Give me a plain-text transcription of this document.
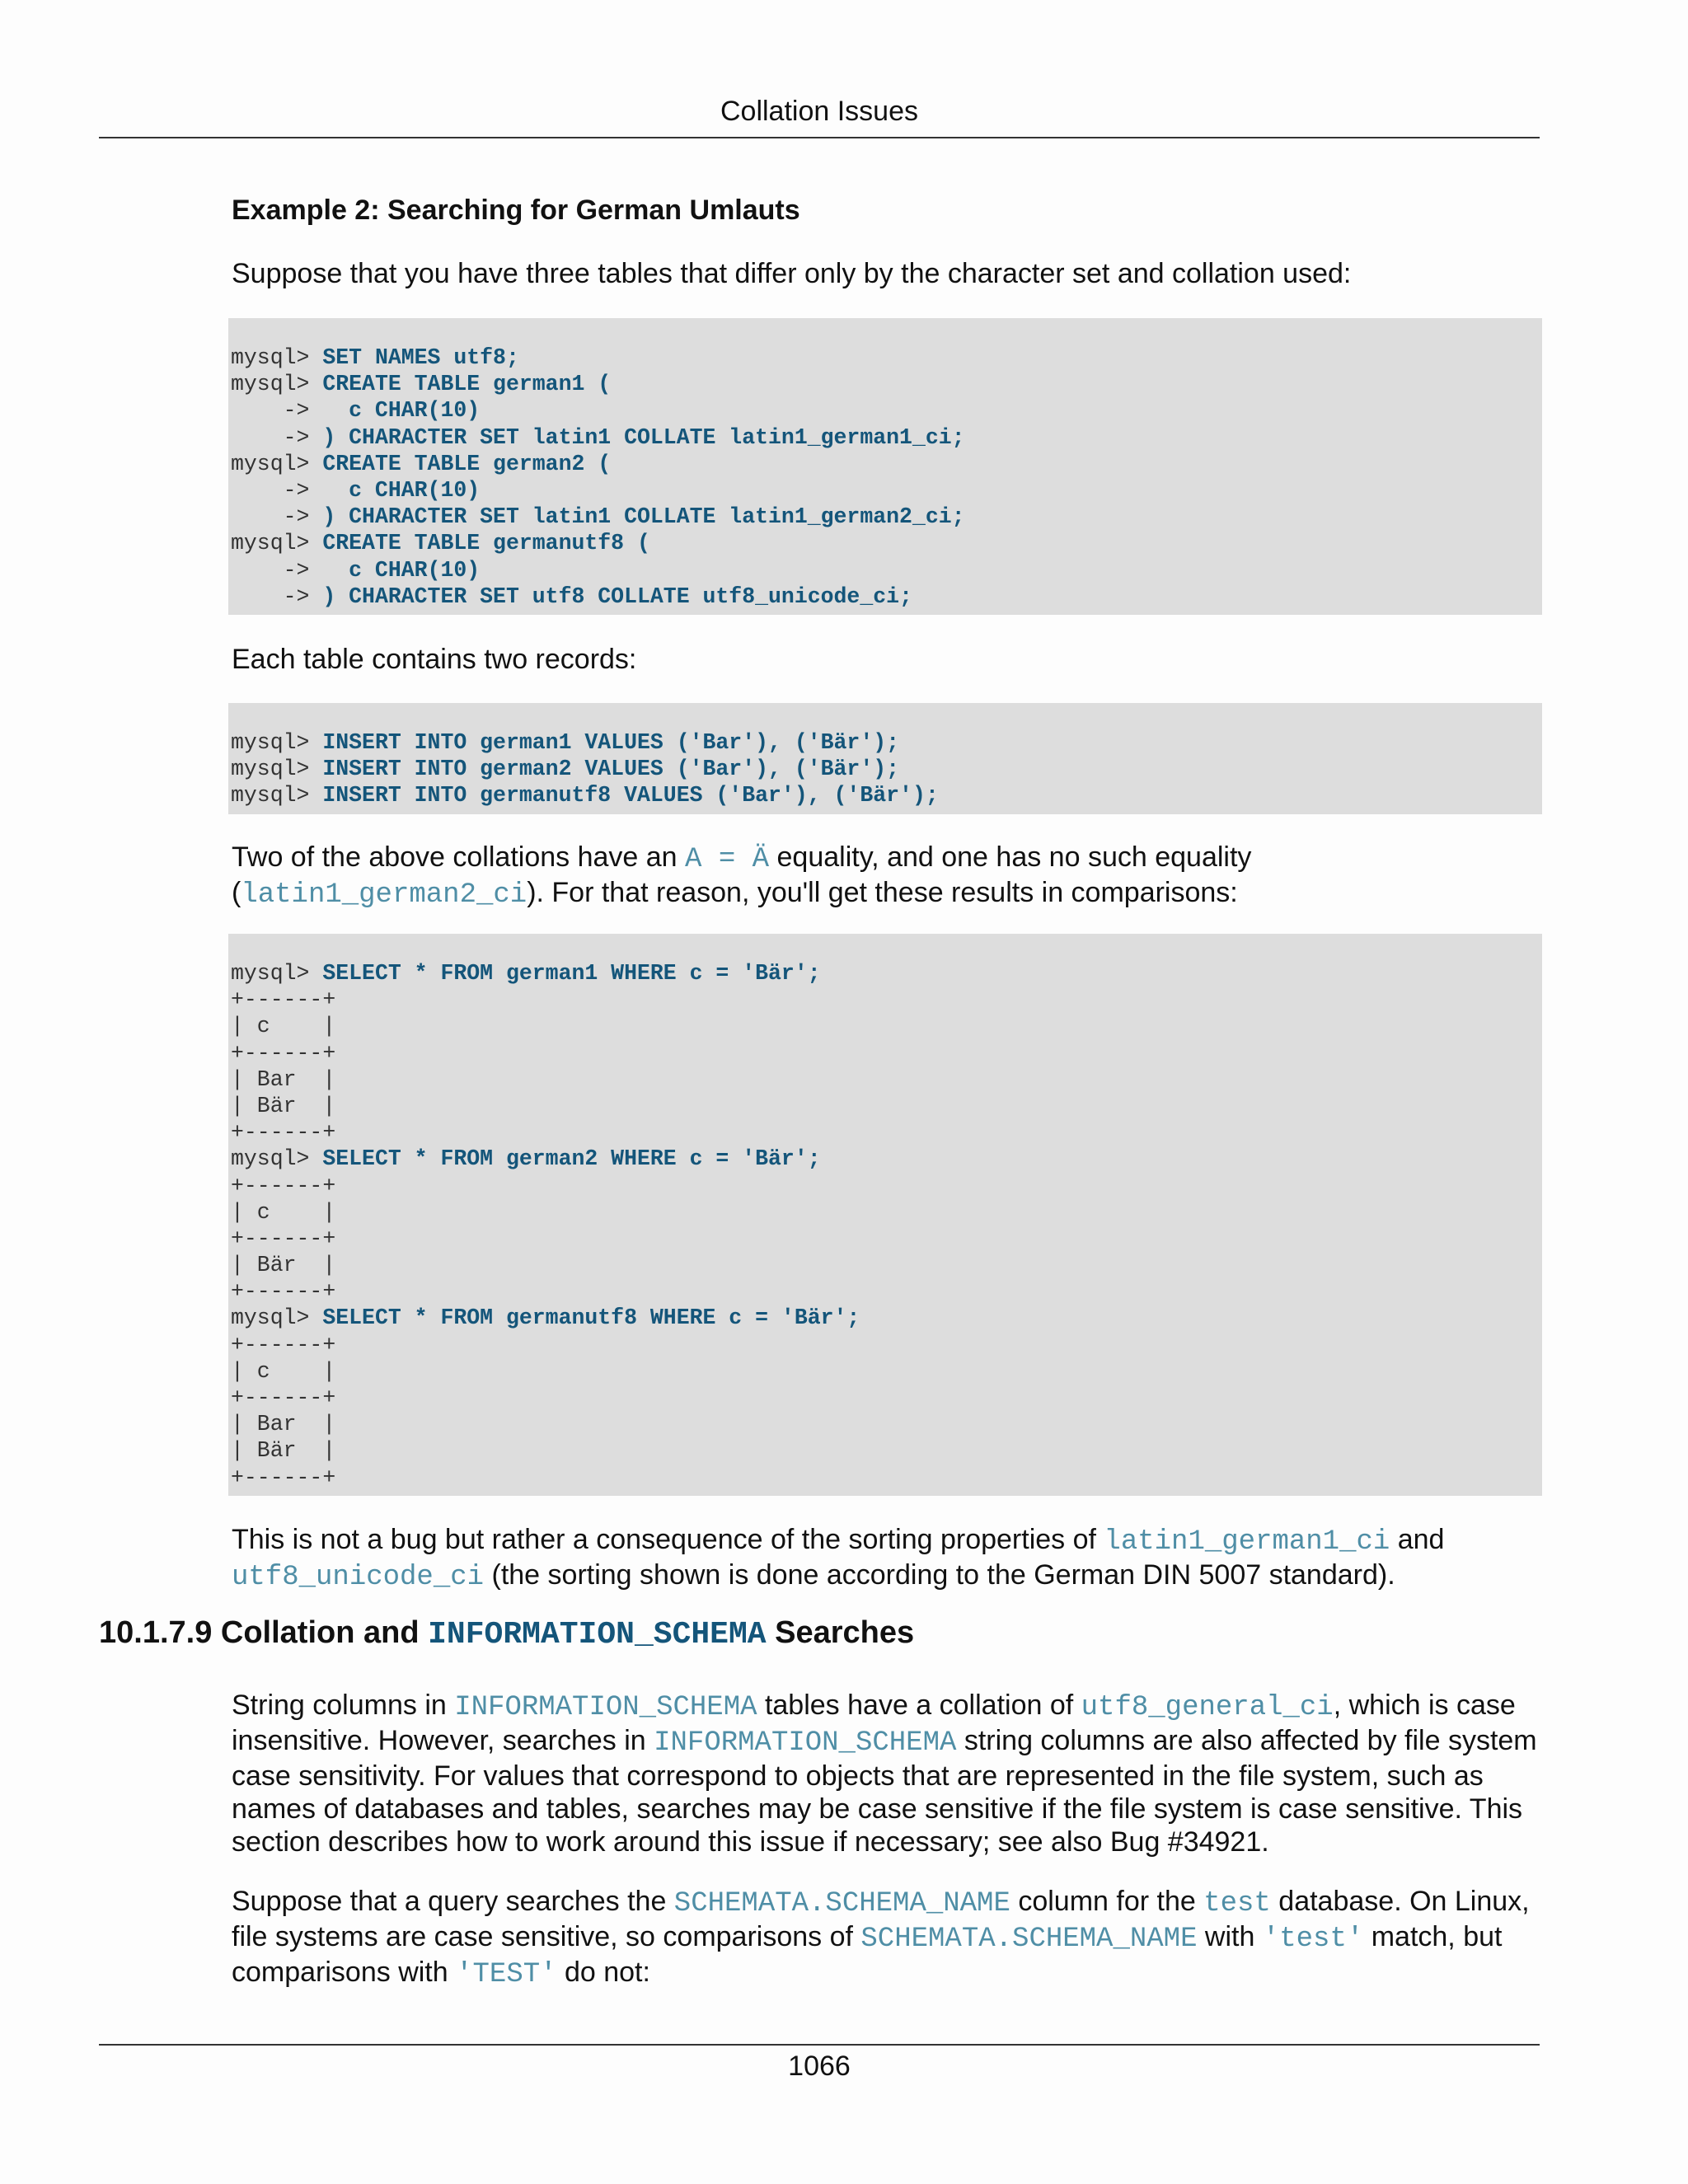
Collation Issues
Example 2: Searching for German Umlauts
Suppose that you have three tables that differ only by the character set and collation used:
mysql> SET NAMES utf8;
mysql> CREATE TABLE german1 (
->   c CHAR(10)
-> ) CHARACTER SET latin1 COLLATE latin1_german1_ci;
mysql> CREATE TABLE german2 (
->   c CHAR(10)
-> ) CHARACTER SET latin1 COLLATE latin1_german2_ci;
mysql> CREATE TABLE germanutf8 (
->   c CHAR(10)
-> ) CHARACTER SET utf8 COLLATE utf8_unicode_ci;
Each table contains two records:
mysql> INSERT INTO german1 VALUES ('Bar'), ('Bär');
mysql> INSERT INTO german2 VALUES ('Bar'), ('Bär');
mysql> INSERT INTO germanutf8 VALUES ('Bar'), ('Bär');
Two of the above collations have an A = Ä equality, and one has no such equality
(latin1_german2_ci). For that reason, you'll get these results in comparisons:
mysql> SELECT * FROM german1 WHERE c = 'Bär';
+------+
| c    |
+------+
| Bar  |
| Bär  |
+------+
mysql> SELECT * FROM german2 WHERE c = 'Bär';
+------+
| c    |
+------+
| Bär  |
+------+
mysql> SELECT * FROM germanutf8 WHERE c = 'Bär';
+------+
| c    |
+------+
| Bar  |
| Bär  |
+------+
This is not a bug but rather a consequence of the sorting properties of latin1_german1_ci and
utf8_unicode_ci (the sorting shown is done according to the German DIN 5007 standard).
10.1.7.9 Collation and INFORMATION_SCHEMA Searches
String columns in INFORMATION_SCHEMA tables have a collation of utf8_general_ci, which is case
insensitive. However, searches in INFORMATION_SCHEMA string columns are also affected by file system
case sensitivity. For values that correspond to objects that are represented in the file system, such as
names of databases and tables, searches may be case sensitive if the file system is case sensitive. This
section describes how to work around this issue if necessary; see also Bug #34921.
Suppose that a query searches the SCHEMATA.SCHEMA_NAME column for the test database. On Linux,
file systems are case sensitive, so comparisons of SCHEMATA.SCHEMA_NAME with 'test' match, but
comparisons with 'TEST' do not:
1066
